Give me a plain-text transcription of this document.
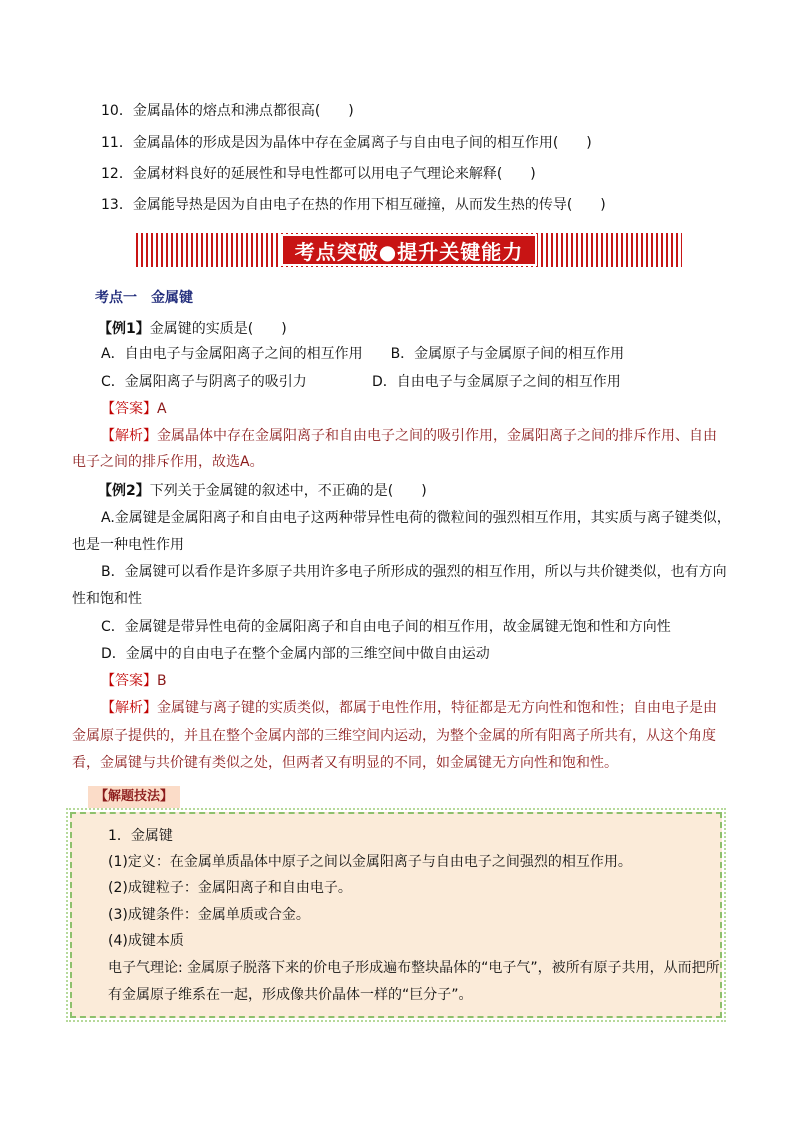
10．金属晶体的熔点和沸点都很高(　　)
11．金属晶体的形成是因为晶体中存在金属离子与自由电子间的相互作用(　　)
12．金属材料良好的延展性和导电性都可以用电子气理论来解释(　　)
13．金属能导热是因为自由电子在热的作用下相互碰撞，从而发生热的传导(　　)
考点突破●提升关键能力
考点一　金属键
【例1】金属键的实质是(　　)
A．自由电子与金属阳离子之间的相互作用　　B．金属原子与金属原子间的相互作用
C．金属阳离子与阴离子的吸引力	D．自由电子与金属原子之间的相互作用
【答案】A
【解析】金属晶体中存在金属阳离子和自由电子之间的吸引作用，金属阳离子之间的排斥作用、自由
电子之间的排斥作用，故选A。
【例2】下列关于金属键的叙述中，不正确的是(　　)
A.金属键是金属阳离子和自由电子这两种带异性电荷的微粒间的强烈相互作用，其实质与离子键类似，
也是一种电性作用
B．金属键可以看作是许多原子共用许多电子所形成的强烈的相互作用，所以与共价键类似，也有方向
性和饱和性
C．金属键是带异性电荷的金属阳离子和自由电子间的相互作用，故金属键无饱和性和方向性
D．金属中的自由电子在整个金属内部的三维空间中做自由运动
【答案】B
【解析】金属键与离子键的实质类似，都属于电性作用，特征都是无方向性和饱和性；自由电子是由
金属原子提供的，并且在整个金属内部的三维空间内运动，为整个金属的所有阳离子所共有，从这个角度
看，金属键与共价键有类似之处，但两者又有明显的不同，如金属键无方向性和饱和性。
【解题技法】
1．金属键
(1)定义：在金属单质晶体中原子之间以金属阳离子与自由电子之间强烈的相互作用。
(2)成键粒子：金属阳离子和自由电子。
(3)成键条件：金属单质或合金。
(4)成键本质
电子气理论: 金属原子脱落下来的价电子形成遍布整块晶体的“电子气”，被所有原子共用，从而把所
有金属原子维系在一起，形成像共价晶体一样的“巨分子”。
